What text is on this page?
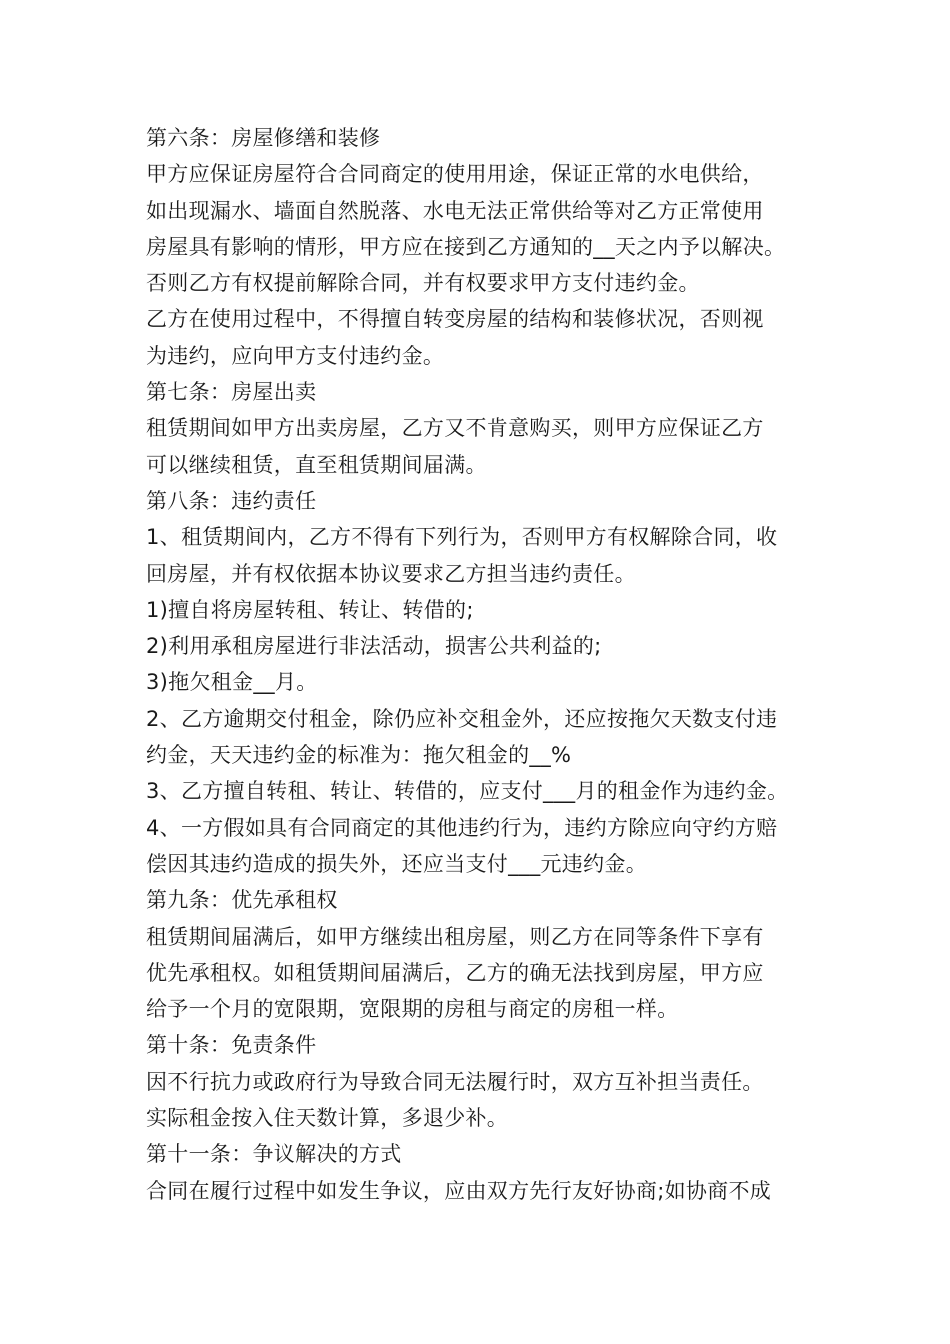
第六条：房屋修缮和装修
甲方应保证房屋符合合同商定的使用用途，保证正常的水电供给，
如出现漏水、墙面自然脱落、水电无法正常供给等对乙方正常使用
房屋具有影响的情形，甲方应在接到乙方通知的__天之内予以解决。
否则乙方有权提前解除合同，并有权要求甲方支付违约金。
乙方在使用过程中，不得擅自转变房屋的结构和装修状况，否则视
为违约，应向甲方支付违约金。
第七条：房屋出卖
租赁期间如甲方出卖房屋，乙方又不肯意购买，则甲方应保证乙方
可以继续租赁，直至租赁期间届满。
第八条：违约责任
1、租赁期间内，乙方不得有下列行为，否则甲方有权解除合同，收
回房屋，并有权依据本协议要求乙方担当违约责任。
1)擅自将房屋转租、转让、转借的;
2)利用承租房屋进行非法活动，损害公共利益的;
3)拖欠租金__月。
2、乙方逾期交付租金，除仍应补交租金外，还应按拖欠天数支付违
约金，天天违约金的标准为：拖欠租金的__%
3、乙方擅自转租、转让、转借的，应支付___月的租金作为违约金。
4、一方假如具有合同商定的其他违约行为，违约方除应向守约方赔
偿因其违约造成的损失外，还应当支付___元违约金。
第九条：优先承租权
租赁期间届满后，如甲方继续出租房屋，则乙方在同等条件下享有
优先承租权。如租赁期间届满后，乙方的确无法找到房屋，甲方应
给予一个月的宽限期，宽限期的房租与商定的房租一样。
第十条：免责条件
因不行抗力或政府行为导致合同无法履行时，双方互补担当责任。
实际租金按入住天数计算，多退少补。
第十一条：争议解决的方式
合同在履行过程中如发生争议，应由双方先行友好协商;如协商不成
